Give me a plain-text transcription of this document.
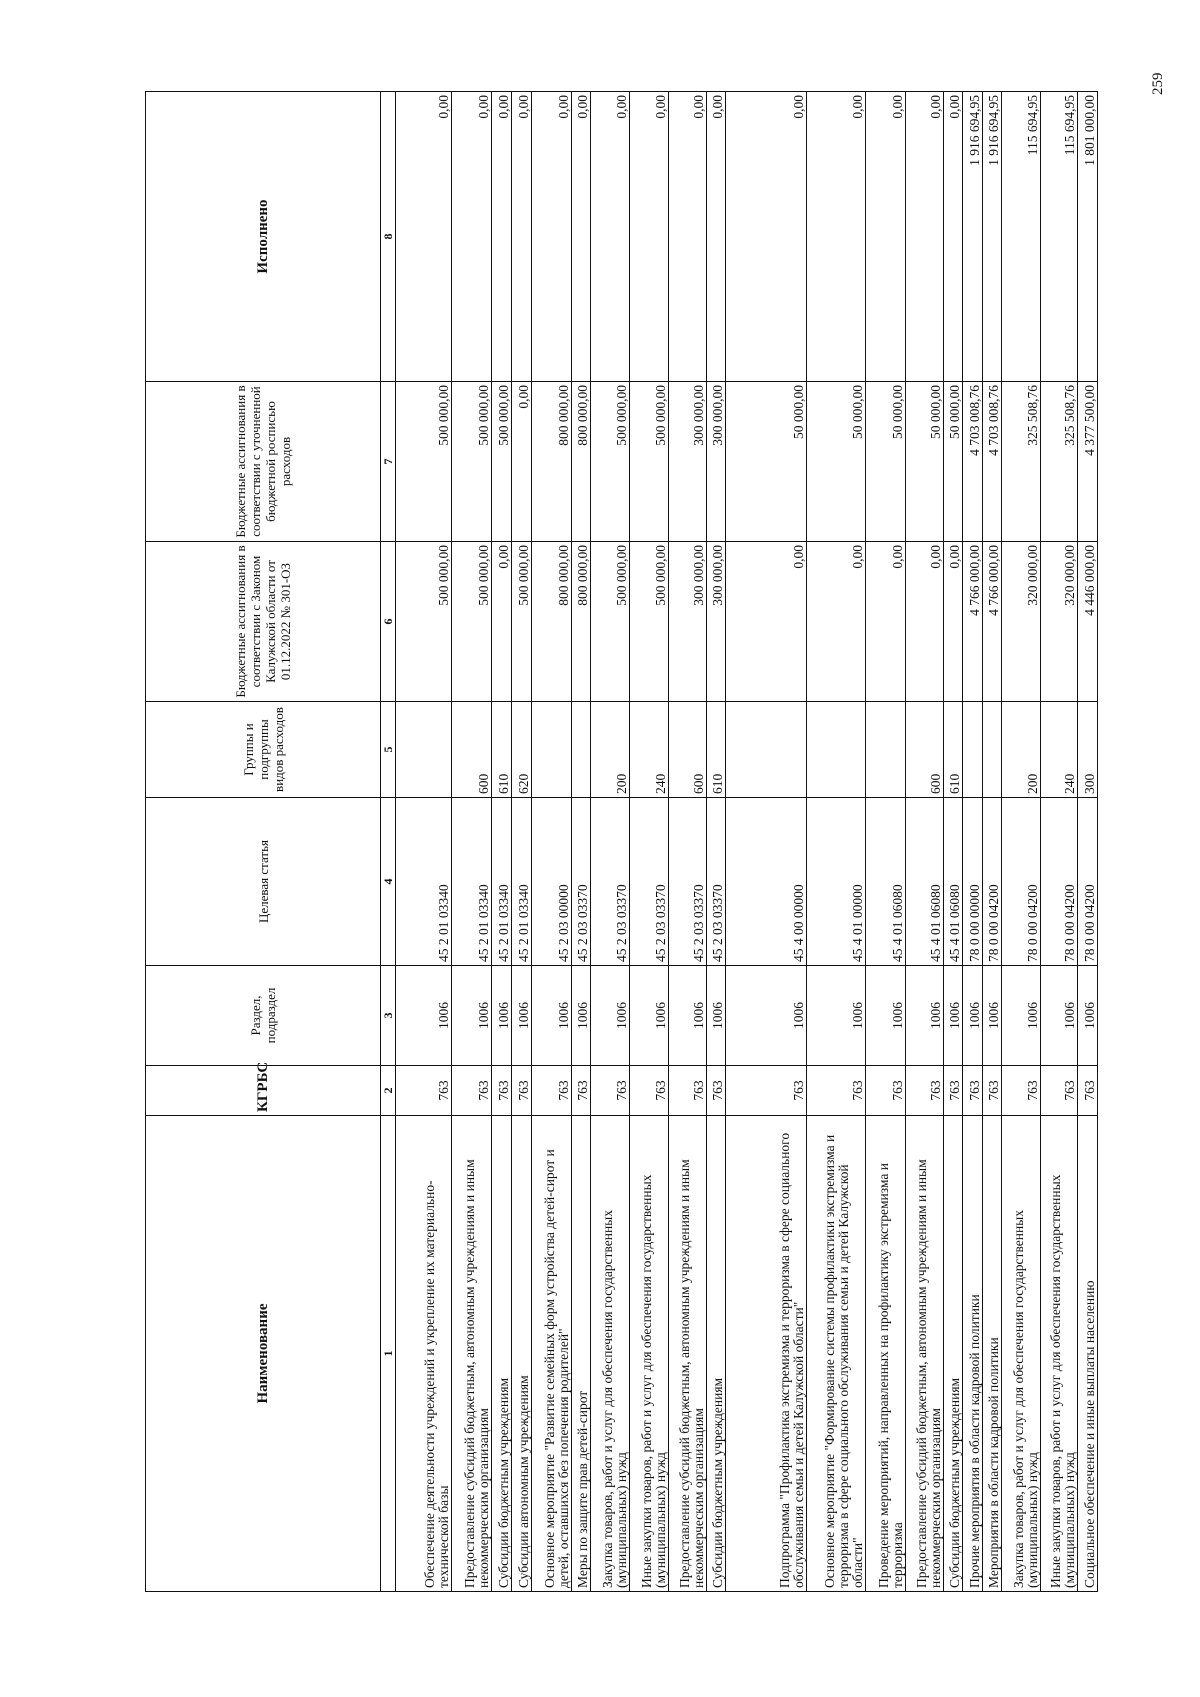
259
Наименование	КГРБС	Раздел, подраздел	Целевая статья	Группы и подгруппы видов расходов	Бюджетные ассигнования в соответствии с Законом Калужской области от 01.12.2022 № 301-ОЗ	Бюджетные ассигнования в соответствии с уточненной бюджетной росписью расходов	Исполнено
1	2	3	4	5	6	7	8
Обеспечение деятельности учреждений и укрепление их материально-технической базы	763	1006	45 2 01 03340		500 000,00	500 000,00	0,00
Предоставление субсидий бюджетным, автономным учреждениям и иным некоммерческим организациям	763	1006	45 2 01 03340	600	500 000,00	500 000,00	0,00
Субсидии бюджетным учреждениям	763	1006	45 2 01 03340	610	0,00	500 000,00	0,00
Субсидии автономным учреждениям	763	1006	45 2 01 03340	620	500 000,00	0,00	0,00
Основное мероприятие "Развитие семейных форм устройства детей-сирот и детей, оставшихся без попечения родителей"	763	1006	45 2 03 00000		800 000,00	800 000,00	0,00
Меры по защите прав детей-сирот	763	1006	45 2 03 03370		800 000,00	800 000,00	0,00
Закупка товаров, работ и услуг для обеспечения государственных (муниципальных) нужд	763	1006	45 2 03 03370	200	500 000,00	500 000,00	0,00
Иные закупки товаров, работ и услуг для обеспечения государственных (муниципальных) нужд	763	1006	45 2 03 03370	240	500 000,00	500 000,00	0,00
Предоставление субсидий бюджетным, автономным учреждениям и иным некоммерческим организациям	763	1006	45 2 03 03370	600	300 000,00	300 000,00	0,00
Субсидии бюджетным учреждениям	763	1006	45 2 03 03370	610	300 000,00	300 000,00	0,00
Подпрограмма "Профилактика экстремизма и терроризма в сфере социального обслуживания семьи и детей Калужской области"	763	1006	45 4 00 00000		0,00	50 000,00	0,00
Основное мероприятие "Формирование системы профилактики экстремизма и терроризма в сфере социального обслуживания семьи и детей Калужской области"	763	1006	45 4 01 00000		0,00	50 000,00	0,00
Проведение мероприятий, направленных на профилактику экстремизма и терроризма	763	1006	45 4 01 06080		0,00	50 000,00	0,00
Предоставление субсидий бюджетным, автономным учреждениям и иным некоммерческим организациям	763	1006	45 4 01 06080	600	0,00	50 000,00	0,00
Субсидии бюджетным учреждениям	763	1006	45 4 01 06080	610	0,00	50 000,00	0,00
Прочие мероприятия в области кадровой политики	763	1006	78 0 00 00000		4 766 000,00	4 703 008,76	1 916 694,95
Мероприятия в области кадровой политики	763	1006	78 0 00 04200		4 766 000,00	4 703 008,76	1 916 694,95
Закупка товаров, работ и услуг для обеспечения государственных (муниципальных) нужд	763	1006	78 0 00 04200	200	320 000,00	325 508,76	115 694,95
Иные закупки товаров, работ и услуг для обеспечения государственных (муниципальных) нужд	763	1006	78 0 00 04200	240	320 000,00	325 508,76	115 694,95
Социальное обеспечение и иные выплаты населению	763	1006	78 0 00 04200	300	4 446 000,00	4 377 500,00	1 801 000,00
